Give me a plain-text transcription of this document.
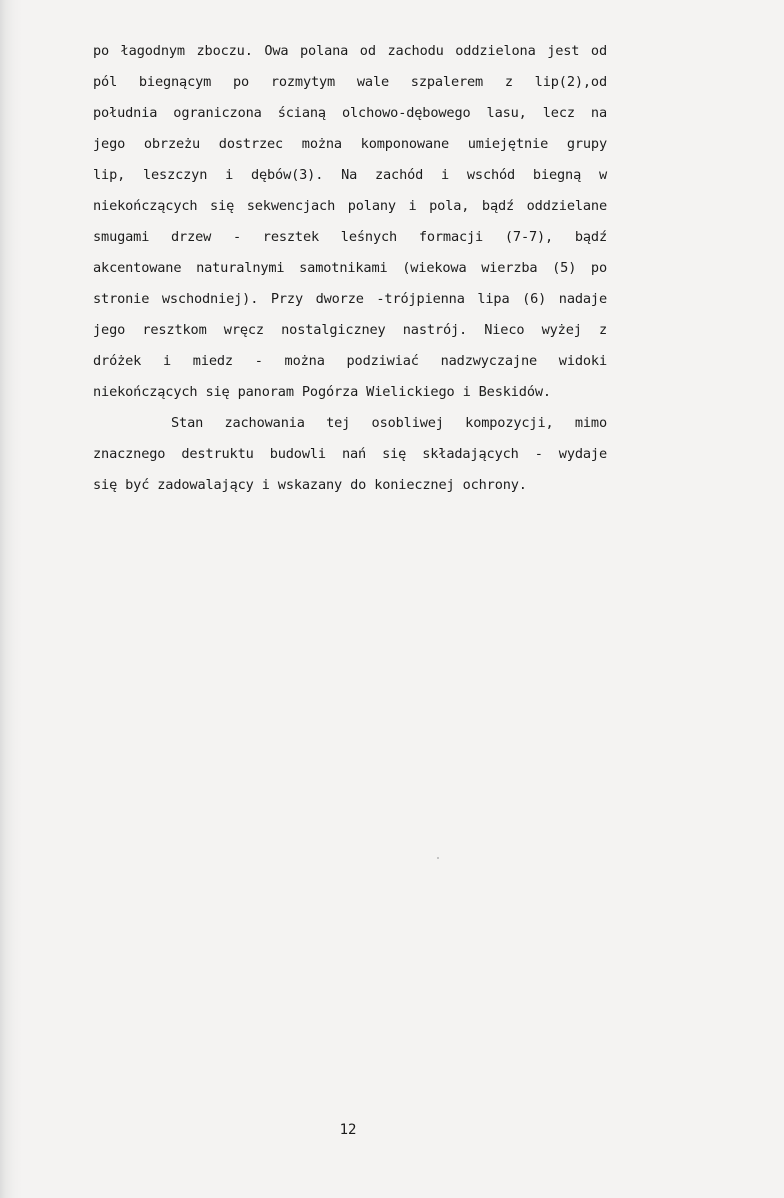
po łagodnym zboczu. Owa polana od zachodu oddzielona jest od
pól biegnącym po rozmytym wale szpalerem z lip(2),od
południa ograniczona ścianą olchowo-dębowego lasu, lecz na
jego obrzeżu dostrzec można komponowane umiejętnie grupy
lip, leszczyn i dębów(3). Na zachód i wschód biegną w
niekończących się sekwencjach polany i pola, bądź oddzielane
smugami drzew - resztek leśnych formacji (7-7), bądź
akcentowane naturalnymi samotnikami (wiekowa wierzba (5) po
stronie wschodniej). Przy dworze -trójpienna lipa (6) nadaje
jego resztkom wręcz nostalgiczney nastrój. Nieco wyżej z
dróżek i miedz - można podziwiać nadzwyczajne widoki
niekończących się panoram Pogórza Wielickiego i Beskidów.
Stan zachowania tej osobliwej kompozycji, mimo
znacznego destruktu budowli nań się składających - wydaje
się być zadowalający i wskazany do koniecznej ochrony.
12
